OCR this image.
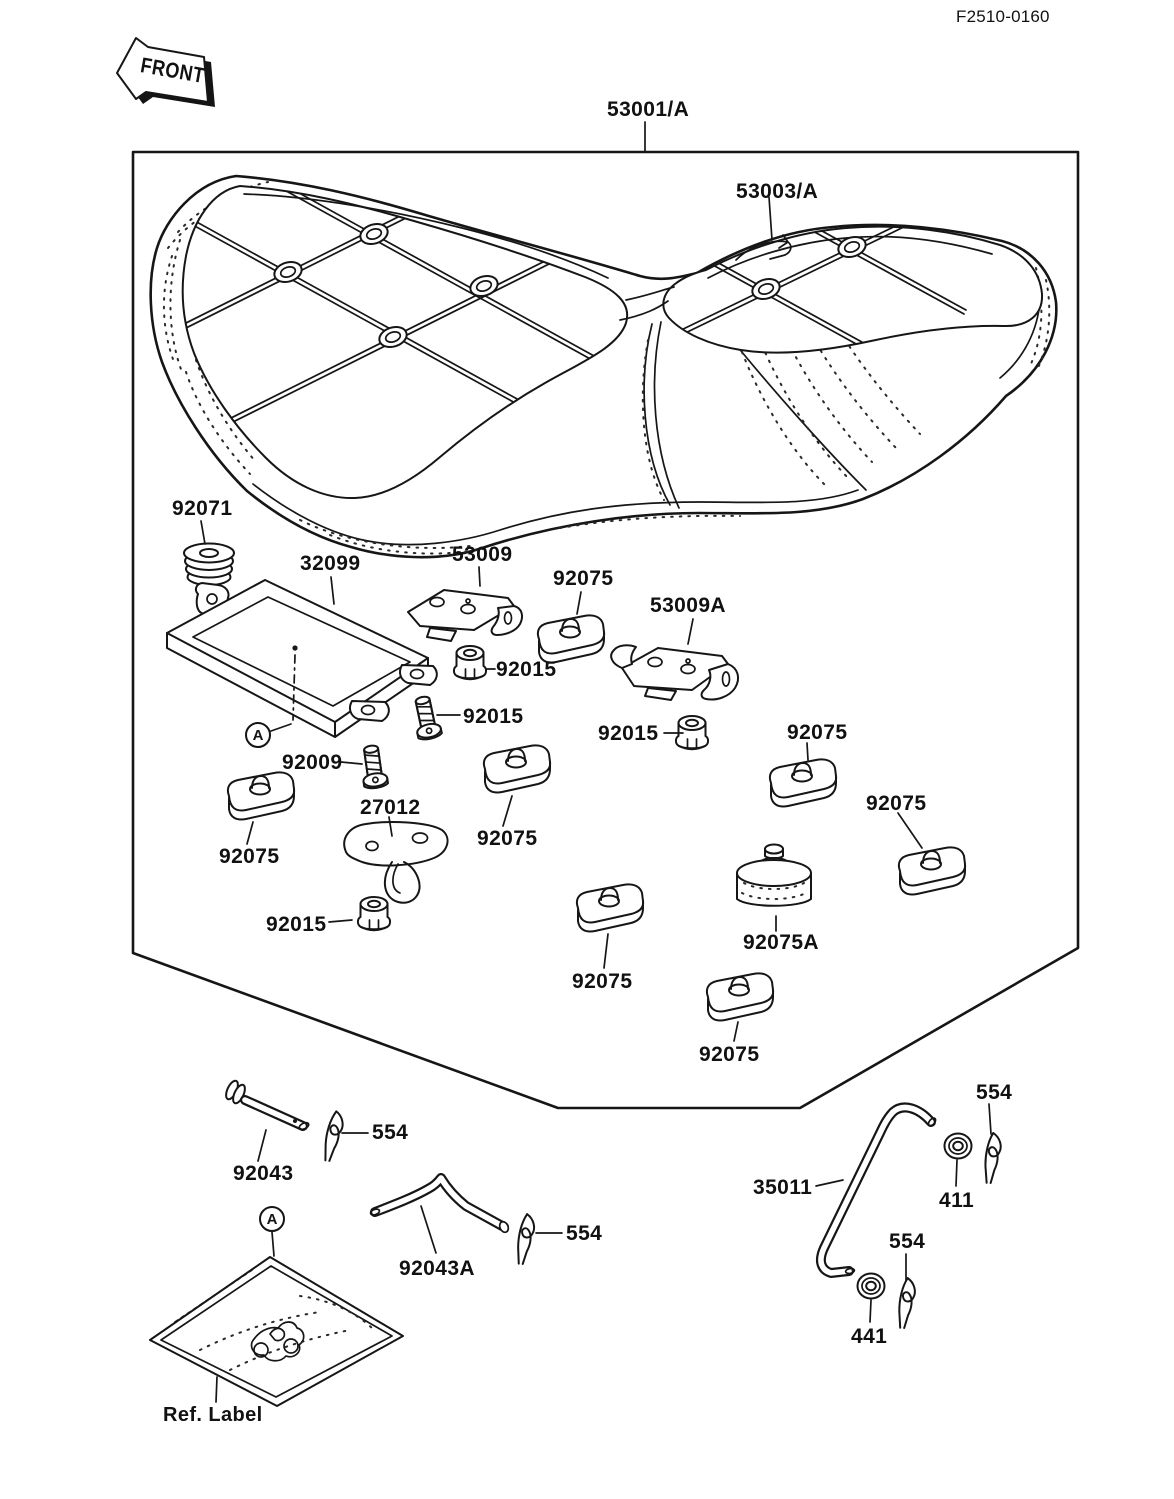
F2510-0160
FRONT
53001/A
53003/A
92071
32099	53009
92075
53009A
92015
92015
92015
92009
27012
92075
92075
92075
92075
92015
92075
92075A
92075
92043
554
92043A
554
35011
554
411
554
441
Ref. Label
A
A
